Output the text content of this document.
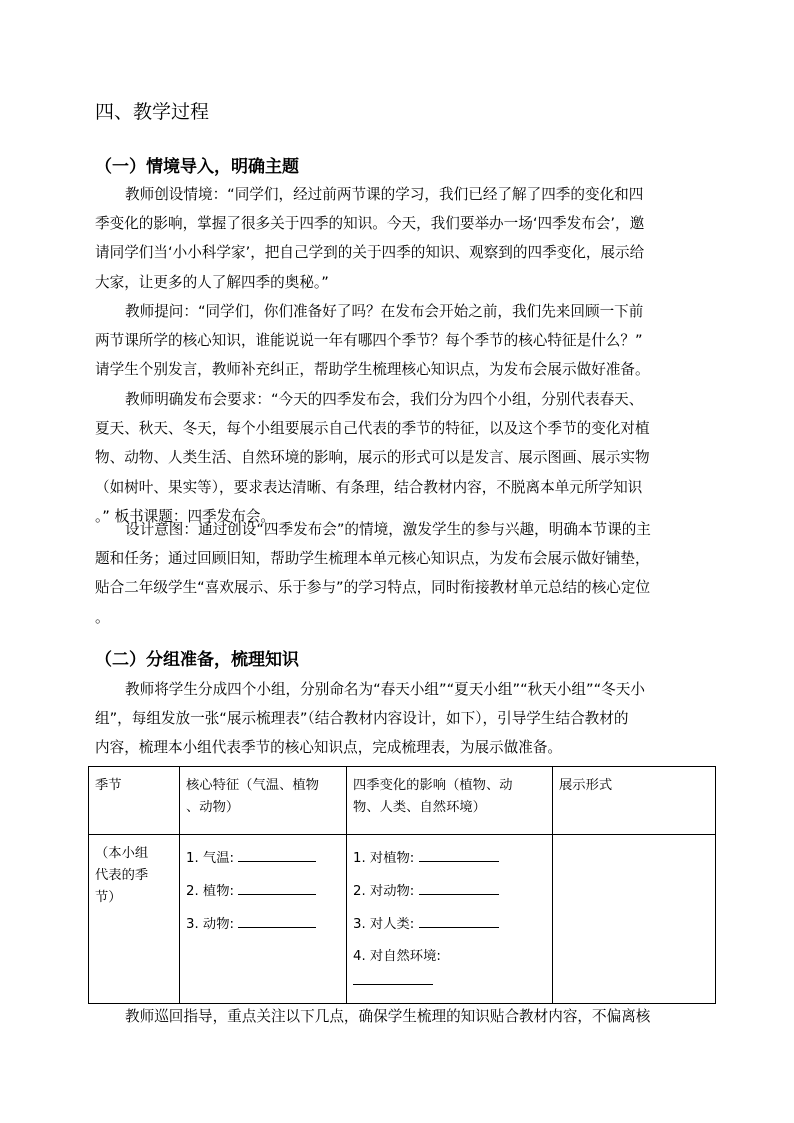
四、教学过程
（一）情境导入，明确主题

教师创设情境：“同学们，经过前两节课的学习，我们已经了解了四季的变化和四
季变化的影响，掌握了很多关于四季的知识。今天，我们要举办一场‘四季发布会’，邀
请同学们当‘小小科学家’，把自己学到的关于四季的知识、观察到的四季变化，展示给
大家，让更多的人了解四季的奥秘。”

教师提问：“同学们，你们准备好了吗？在发布会开始之前，我们先来回顾一下前
两节课所学的核心知识，谁能说说一年有哪四个季节？每个季节的核心特征是什么？”
请学生个别发言，教师补充纠正，帮助学生梳理核心知识点，为发布会展示做好准备。

教师明确发布会要求：“今天的四季发布会，我们分为四个小组，分别代表春天、
夏天、秋天、冬天，每个小组要展示自己代表的季节的特征，以及这个季节的变化对植
物、动物、人类生活、自然环境的影响，展示的形式可以是发言、展示图画、展示实物
（如树叶、果实等），要求表达清晰、有条理，结合教材内容，不脱离本单元所学知识
。” 板书课题：四季发布会。

设计意图：通过创设“四季发布会”的情境，激发学生的参与兴趣，明确本节课的主
题和任务；通过回顾旧知，帮助学生梳理本单元核心知识点，为发布会展示做好铺垫，
贴合二年级学生“喜欢展示、乐于参与”的学习特点，同时衔接教材单元总结的核心定位
。

（二）分组准备，梳理知识

教师将学生分成四个小组，分别命名为“春天小组”“夏天小组”“秋天小组”“冬天小
组”，每组发放一张“展示梳理表”（结合教材内容设计，如下），引导学生结合教材的
内容，梳理本小组代表季节的核心知识点，完成梳理表，为展示做准备。

季节	核心特征（气温、植物
、动物）	四季变化的影响（植物、动
物、人类、自然环境）	展示形式

（本小组
代表的季
节）	1. 气温:
2. 植物:
3. 动物:	1. 对植物:
2. 对动物:
3. 对人类:
4. 对自然环境:	

教师巡回指导，重点关注以下几点，确保学生梳理的知识贴合教材内容，不偏离核
